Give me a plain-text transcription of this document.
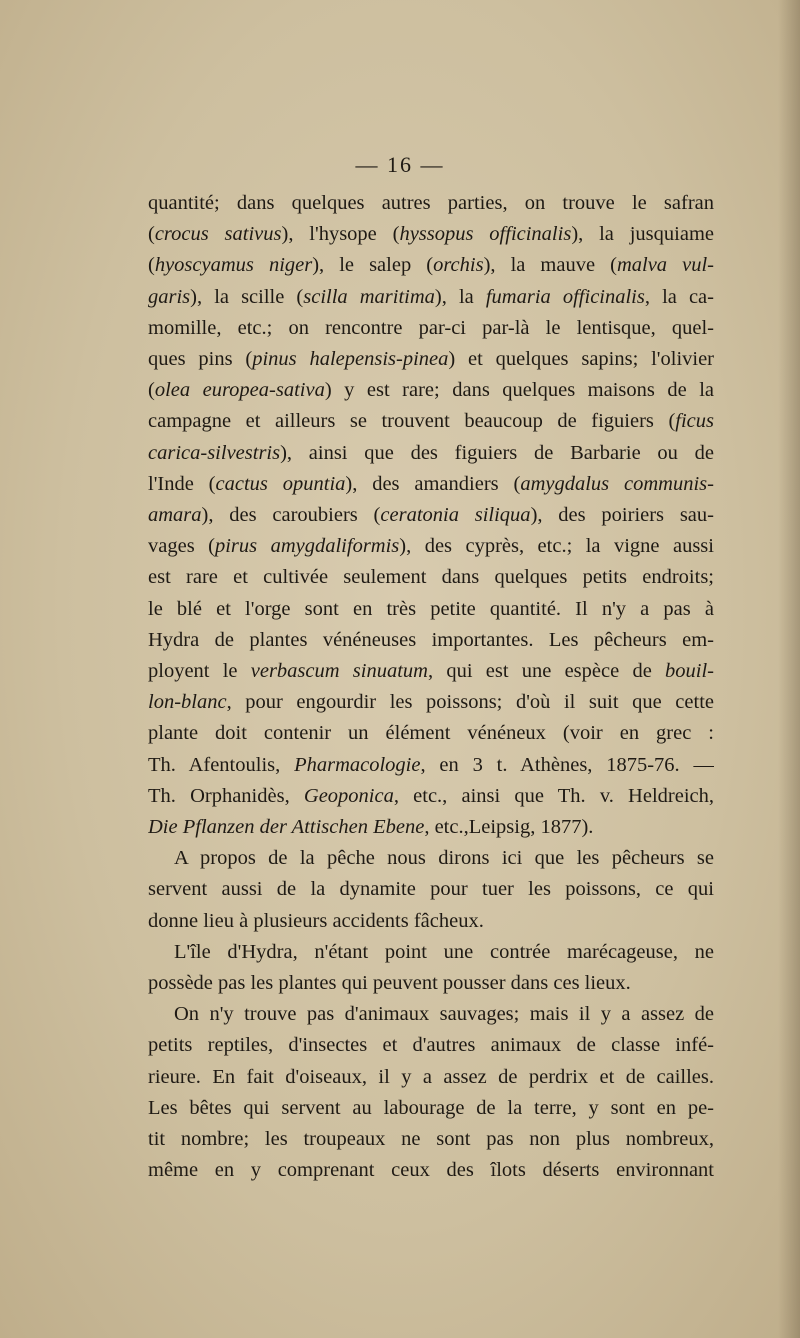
— 16 —
quantité; dans quelques autres parties, on trouve le safran
(crocus sativus), l'hysope (hyssopus officinalis), la jusquiame
(hyoscyamus niger), le salep (orchis), la mauve (malva vul-
garis), la scille (scilla maritima), la fumaria officinalis, la ca-
momille, etc.; on rencontre par-ci par-là le lentisque, quel-
ques pins (pinus halepensis-pinea) et quelques sapins; l'olivier
(olea europea-sativa) y est rare; dans quelques maisons de la
campagne et ailleurs se trouvent beaucoup de figuiers (ficus
carica-silvestris), ainsi que des figuiers de Barbarie ou de
l'Inde (cactus opuntia), des amandiers (amygdalus communis-
amara), des caroubiers (ceratonia siliqua), des poiriers sau-
vages (pirus amygdaliformis), des cyprès, etc.; la vigne aussi
est rare et cultivée seulement dans quelques petits endroits;
le blé et l'orge sont en très petite quantité. Il n'y a pas à
Hydra de plantes vénéneuses importantes. Les pêcheurs em-
ployent le verbascum sinuatum, qui est une espèce de bouil-
lon-blanc, pour engourdir les poissons; d'où il suit que cette
plante doit contenir un élément vénéneux (voir en grec :
Th. Afentoulis, Pharmacologie, en 3 t. Athènes, 1875-76. —
Th. Orphanidès, Geoponica, etc., ainsi que Th. v. Heldreich,
Die Pflanzen der Attischen Ebene, etc.,Leipsig, 1877).
A propos de la pêche nous dirons ici que les pêcheurs se
servent aussi de la dynamite pour tuer les poissons, ce qui
donne lieu à plusieurs accidents fâcheux.
L'île d'Hydra, n'étant point une contrée marécageuse, ne
possède pas les plantes qui peuvent pousser dans ces lieux.
On n'y trouve pas d'animaux sauvages; mais il y a assez de
petits reptiles, d'insectes et d'autres animaux de classe infé-
rieure. En fait d'oiseaux, il y a assez de perdrix et de cailles.
Les bêtes qui servent au labourage de la terre, y sont en pe-
tit nombre; les troupeaux ne sont pas non plus nombreux,
même en y comprenant ceux des îlots déserts environnant
